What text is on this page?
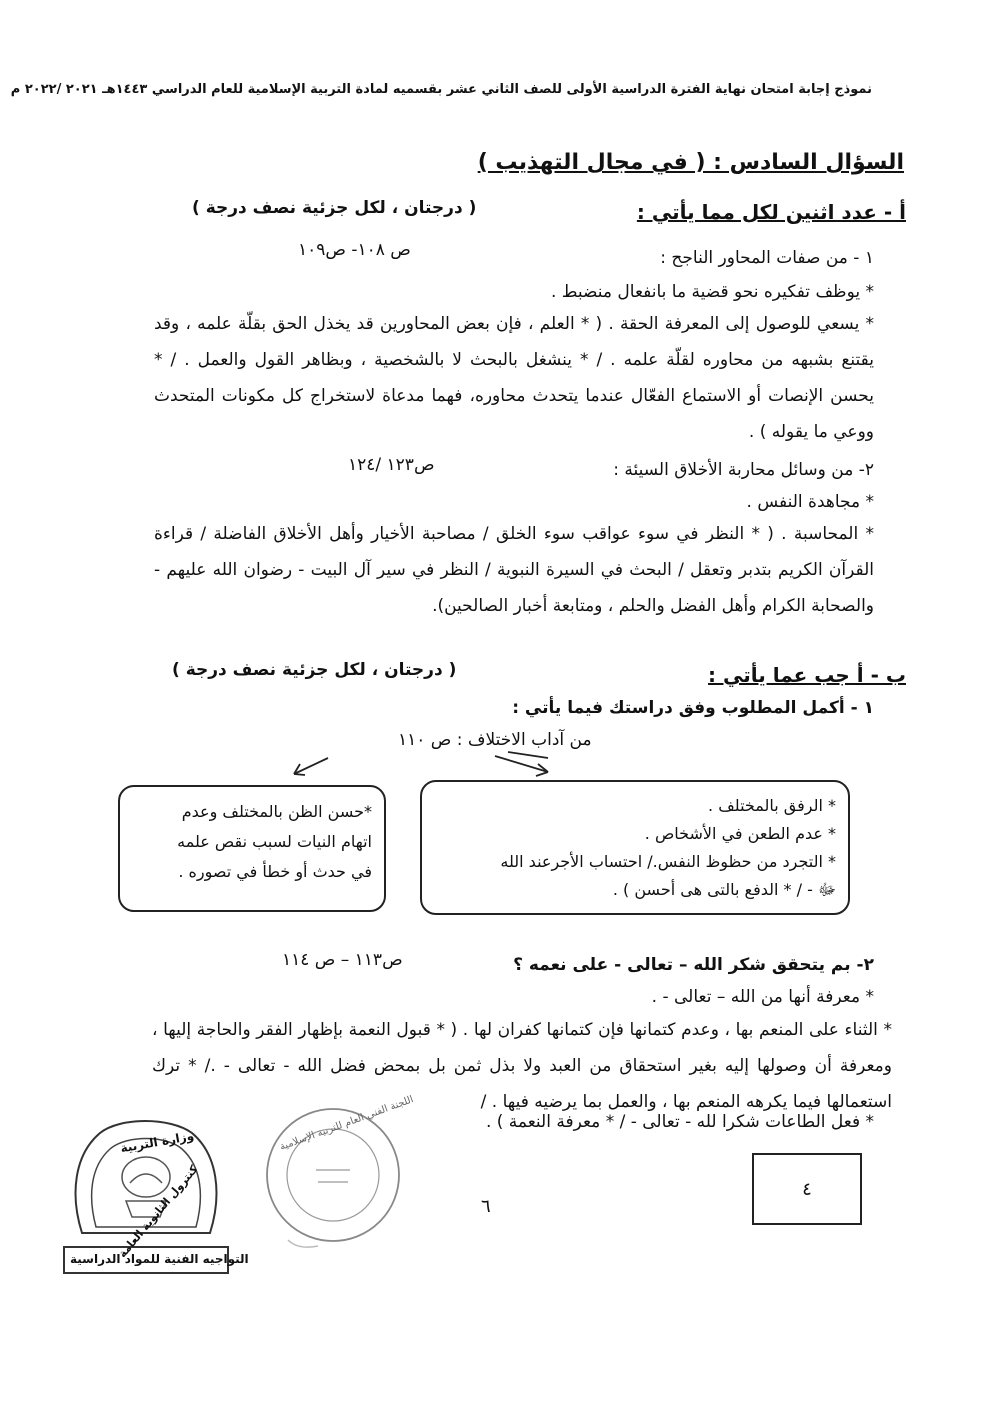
نموذج إجابة امتحان نهاية الفترة الدراسية الأولى للصف الثاني عشر بقسميه لمادة التربية الإسلامية للعام الدراسي ١٤٤٣هـ ٢٠٢١ /٢٠٢٢ م
السؤال السادس : ( في مجال التهذيب )
أ - عدد اثنين لكل مما يأتي :
( درجتان ، لكل جزئية نصف درجة )
١ - من صفات المحاور الناجح :
ص ١٠٨- ص١٠٩
* يوظف تفكيره نحو قضية ما بانفعال منضبط .
* يسعي للوصول إلى المعرفة الحقة . ( * العلم ، فإن بعض المحاورين قد يخذل الحق بقلّة علمه ، وقد يقتنع بشبهه من محاوره لقلّة علمه . / * ينشغل بالبحث لا بالشخصية ، وبظاهر القول والعمل . / * يحسن الإنصات أو الاستماع الفعّال عندما يتحدث محاوره، فهما مدعاة لاستخراج كل مكونات المتحدث ووعي ما يقوله ) .
٢- من وسائل محاربة الأخلاق السيئة :
ص١٢٣ /١٢٤
* مجاهدة النفس .
* المحاسبة . ( * النظر في سوء عواقب سوء الخلق / مصاحبة الأخيار وأهل الأخلاق الفاضلة / قراءة القرآن الكريم بتدبر وتعقل / البحث في السيرة النبوية / النظر في سير آل البيت - رضوان الله عليهم - والصحابة الكرام وأهل الفضل والحلم ، ومتابعة أخبار الصالحين).
ب - أ جب عما يأتي :
( درجتان ، لكل جزئية نصف درجة )
١ - أكمل المطلوب وفق دراستك فيما يأتي :
من آداب الاختلاف : ص ١١٠
* الرفق بالمختلف .
* عدم الطعن في الأشخاص .
* التجرد من حظوظ النفس./ احتساب الأجرعند الله
ﷻ - / * الدفع بالتى هى أحسن ) .
*حسن الظن بالمختلف وعدم
اتهام النيات لسبب نقص علمه
في حدث أو خطأ في تصوره .
٢- بم يتحقق شكر الله – تعالى - على نعمه ؟
ص١١٣ – ص ١١٤
* معرفة أنها من الله – تعالى - .
* الثناء على المنعم بها ، وعدم كتمانها فإن كتمانها كفران لها . ( * قبول النعمة بإظهار الفقر والحاجة إليها ، ومعرفة أن وصولها إليه بغير استحقاق من العبد ولا بذل ثمن بل بمحض فضل الله - تعالى - ./ * ترك استعمالها فيما يكرهه المنعم بها ، والعمل بما يرضيه فيها . /
* فعل الطاعات شكرا لله - تعالى - / * معرفة النعمة ) .
٤
٦
وزارة التربية
كنترول الثانوية العامة
التواجيه الفنية للمواد الدراسية
اللجنة الفني العام للتربية الإسلامية
